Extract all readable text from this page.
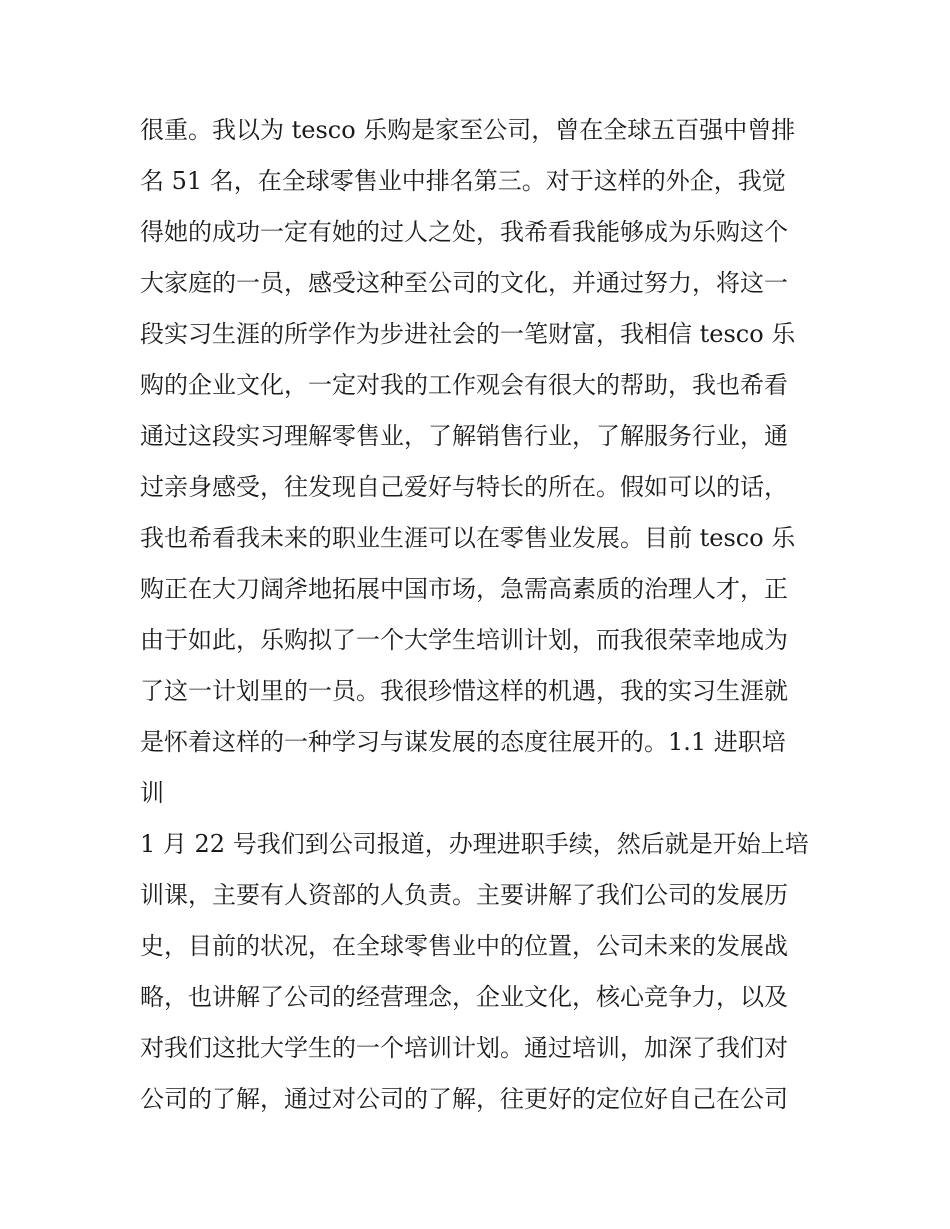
很重。我以为 tesco 乐购是家至公司，曾在全球五百强中曾排
名 51 名，在全球零售业中排名第三。对于这样的外企，我觉
得她的成功一定有她的过人之处，我希看我能够成为乐购这个
大家庭的一员，感受这种至公司的文化，并通过努力，将这一
段实习生涯的所学作为步进社会的一笔财富，我相信 tesco 乐
购的企业文化，一定对我的工作观会有很大的帮助，我也希看
通过这段实习理解零售业，了解销售行业，了解服务行业，通
过亲身感受，往发现自己爱好与特长的所在。假如可以的话，
我也希看我未来的职业生涯可以在零售业发展。目前 tesco 乐
购正在大刀阔斧地拓展中国市场，急需高素质的治理人才，正
由于如此，乐购拟了一个大学生培训计划，而我很荣幸地成为
了这一计划里的一员。我很珍惜这样的机遇，我的实习生涯就
是怀着这样的一种学习与谋发展的态度往展开的。1.1 进职培
训
1 月 22 号我们到公司报道，办理进职手续，然后就是开始上培
训课，主要有人资部的人负责。主要讲解了我们公司的发展历
史，目前的状况，在全球零售业中的位置，公司未来的发展战
略，也讲解了公司的经营理念，企业文化，核心竞争力，以及
对我们这批大学生的一个培训计划。通过培训，加深了我们对
公司的了解，通过对公司的了解，往更好的定位好自己在公司
